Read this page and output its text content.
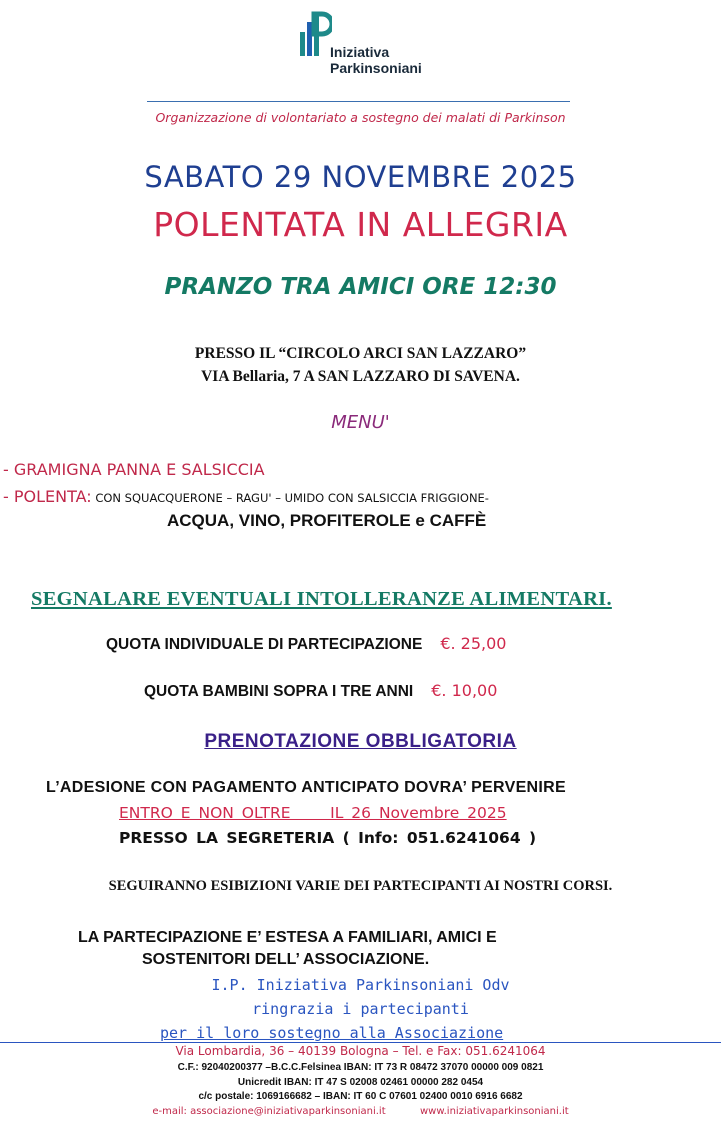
Iniziativa
Parkinsoniani
Organizzazione di volontariato a sostegno dei malati di Parkinson
SABATO 29 NOVEMBRE 2025
POLENTATA IN ALLEGRIA
PRANZO TRA AMICI ORE 12:30
PRESSO IL “CIRCOLO ARCI SAN LAZZARO”
VIA Bellaria, 7 A SAN LAZZARO DI SAVENA.
MENU'
- GRAMIGNA PANNA E SALSICCIA
- POLENTA: CON SQUACQUERONE – RAGU' – UMIDO CON SALSICCIA FRIGGIONE-
ACQUA, VINO, PROFITEROLE e CAFFÈ
SEGNALARE EVENTUALI INTOLLERANZE ALIMENTARI.
QUOTA INDIVIDUALE DI PARTECIPAZIONE €. 25,00
QUOTA BAMBINI SOPRA I TRE ANNI €. 10,00
PRENOTAZIONE OBBLIGATORIA
L’ADESIONE CON PAGAMENTO ANTICIPATO DOVRA’ PERVENIRE
ENTRO E NON OLTRE     IL 26 Novembre 2025
PRESSO LA SEGRETERIA ( Info: 051.6241064 )
SEGUIRANNO ESIBIZIONI VARIE DEI PARTECIPANTI AI NOSTRI CORSI.
LA PARTECIPAZIONE E’ ESTESA A FAMILIARI, AMICI E
SOSTENITORI DELL’ ASSOCIAZIONE.
I.P. Iniziativa Parkinsoniani Odv
ringrazia i partecipanti
per il loro sostegno alla Associazione
Via Lombardia, 36 – 40139 Bologna – Tel. e Fax: 051.6241064
C.F.: 92040200377 –B.C.C.Felsinea IBAN: IT 73 R 08472 37070 00000 009 0821
Unicredit IBAN: IT 47 S 02008 02461 00000 282 0454
c/c postale: 1069166682 – IBAN: IT 60 C 07601 02400 0010 6916 6682
e-mail: associazione@iniziativaparkinsoniani.it	www.iniziativaparkinsoniani.it
